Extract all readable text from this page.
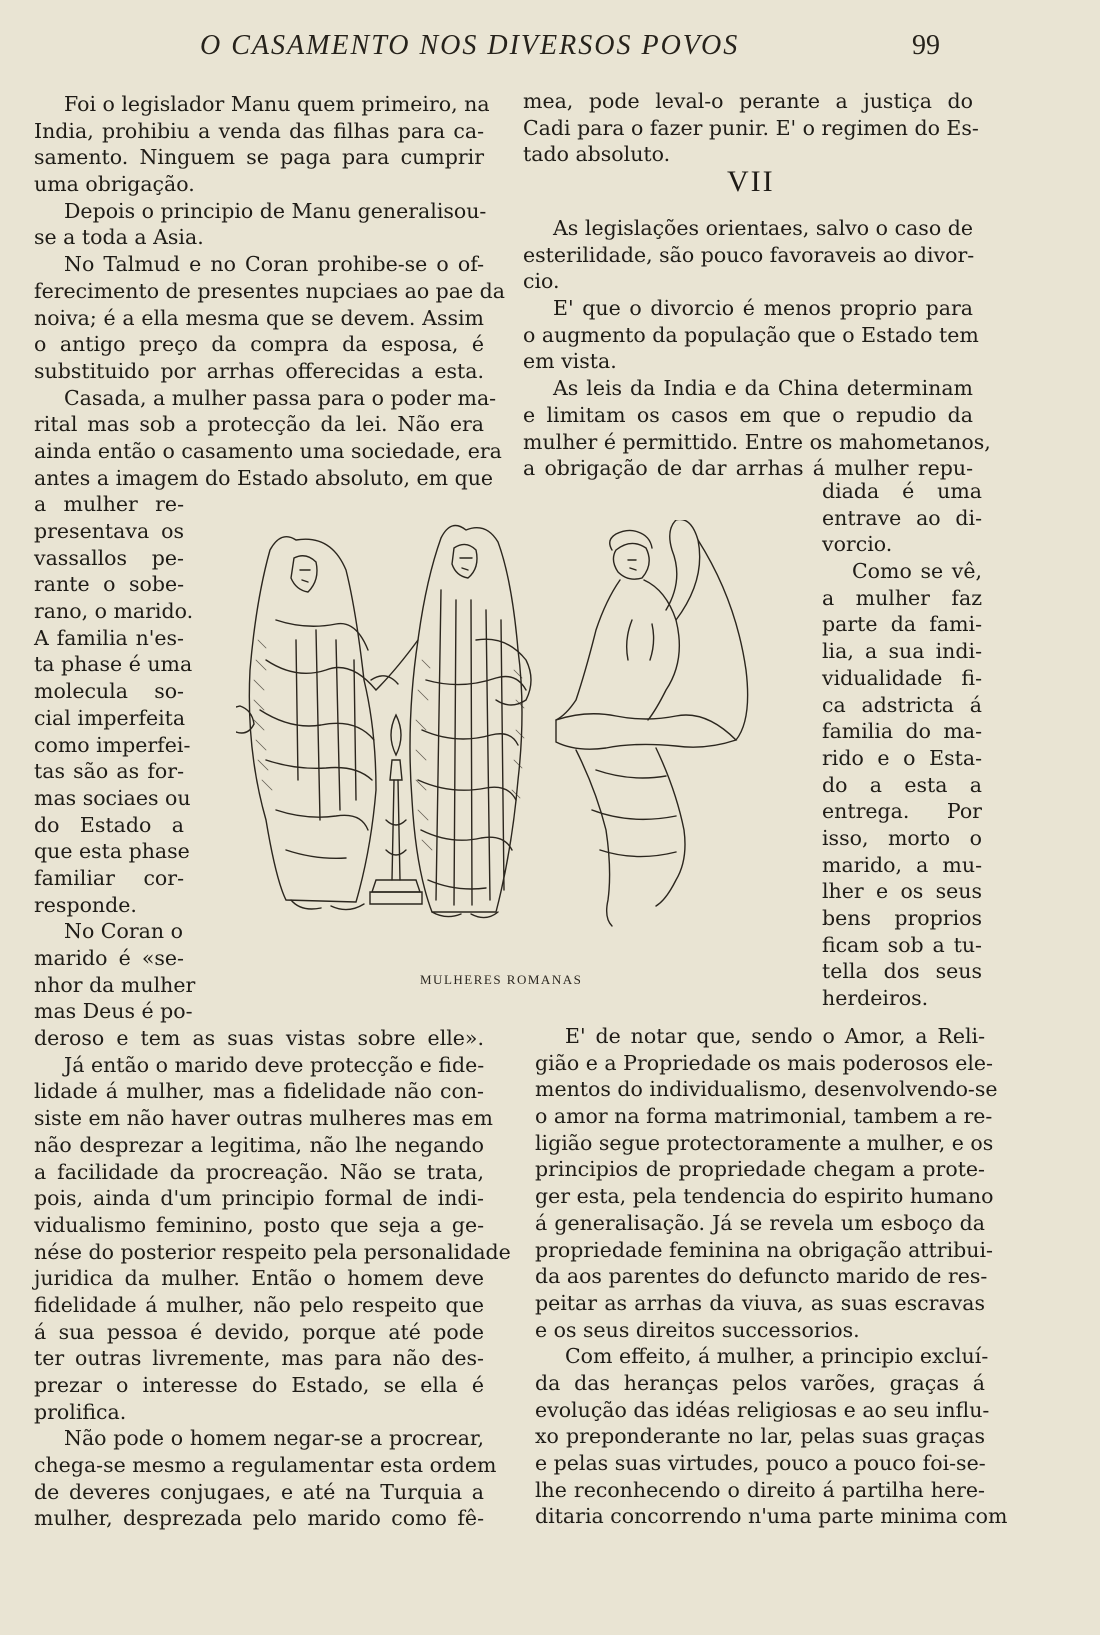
O CASAMENTO NOS DIVERSOS POVOS	99
Foi o legislador Manu quem primeiro, na
India, prohibiu a venda das filhas para ca-
samento. Ninguem se paga para cumprir
uma obrigação.
Depois o principio de Manu generalisou-
se a toda a Asia.
No Talmud e no Coran prohibe-se o of-
ferecimento de presentes nupciaes ao pae da
noiva; é a ella mesma que se devem. Assim
o antigo preço da compra da esposa, é
substituido por arrhas offerecidas a esta.
Casada, a mulher passa para o poder ma-
rital mas sob a protecção da lei. Não era
ainda então o casamento uma sociedade, era
antes a imagem do Estado absoluto, em que
a mulher re-
presentava os
vassallos pe-
rante o sobe-
rano, o marido.
A familia n'es-
ta phase é uma
molecula so-
cial imperfeita
como imperfei-
tas são as for-
mas sociaes ou
do Estado a
que esta phase
familiar cor-
responde.
No Coran o
marido é «se-
nhor da mulher
mas Deus é po-
deroso e tem as suas vistas sobre elle».
Já então o marido deve protecção e fide-
lidade á mulher, mas a fidelidade não con-
siste em não haver outras mulheres mas em
não desprezar a legitima, não lhe negando
a facilidade da procreação. Não se trata,
pois, ainda d'um principio formal de indi-
vidualismo feminino, posto que seja a ge-
nése do posterior respeito pela personalidade
juridica da mulher. Então o homem deve
fidelidade á mulher, não pelo respeito que
á sua pessoa é devido, porque até pode
ter outras livremente, mas para não des-
prezar o interesse do Estado, se ella é
prolifica.
Não pode o homem negar-se a procrear,
chega-se mesmo a regulamentar esta ordem
de deveres conjugaes, e até na Turquia a
mulher, desprezada pelo marido como fê-
mea, pode leval-o perante a justiça do
Cadi para o fazer punir. E' o regimen do Es-
tado absoluto.
VII
As legislações orientaes, salvo o caso de
esterilidade, são pouco favoraveis ao divor-
cio.
E' que o divorcio é menos proprio para
o augmento da população que o Estado tem
em vista.
As leis da India e da China determinam
e limitam os casos em que o repudio da
mulher é permittido. Entre os mahometanos,
a obrigação de dar arrhas á mulher repu-
diada é uma
entrave ao di-
vorcio.
Como se vê,
a mulher faz
parte da fami-
lia, a sua indi-
vidualidade fi-
ca adstricta á
familia do ma-
rido e o Esta-
do a esta a
entrega. Por
isso, morto o
marido, a mu-
lher e os seus
bens proprios
ficam sob a tu-
tella dos seus
herdeiros.
MULHERES ROMANAS
E' de notar que, sendo o Amor, a Reli-
gião e a Propriedade os mais poderosos ele-
mentos do individualismo, desenvolvendo-se
o amor na forma matrimonial, tambem a re-
ligião segue protectoramente a mulher, e os
principios de propriedade chegam a prote-
ger esta, pela tendencia do espirito humano
á generalisação. Já se revela um esboço da
propriedade feminina na obrigação attribui-
da aos parentes do defuncto marido de res-
peitar as arrhas da viuva, as suas escravas
e os seus direitos successorios.
Com effeito, á mulher, a principio excluí-
da das heranças pelos varões, graças á
evolução das idéas religiosas e ao seu influ-
xo preponderante no lar, pelas suas graças
e pelas suas virtudes, pouco a pouco foi-se-
lhe reconhecendo o direito á partilha here-
ditaria concorrendo n'uma parte minima com
